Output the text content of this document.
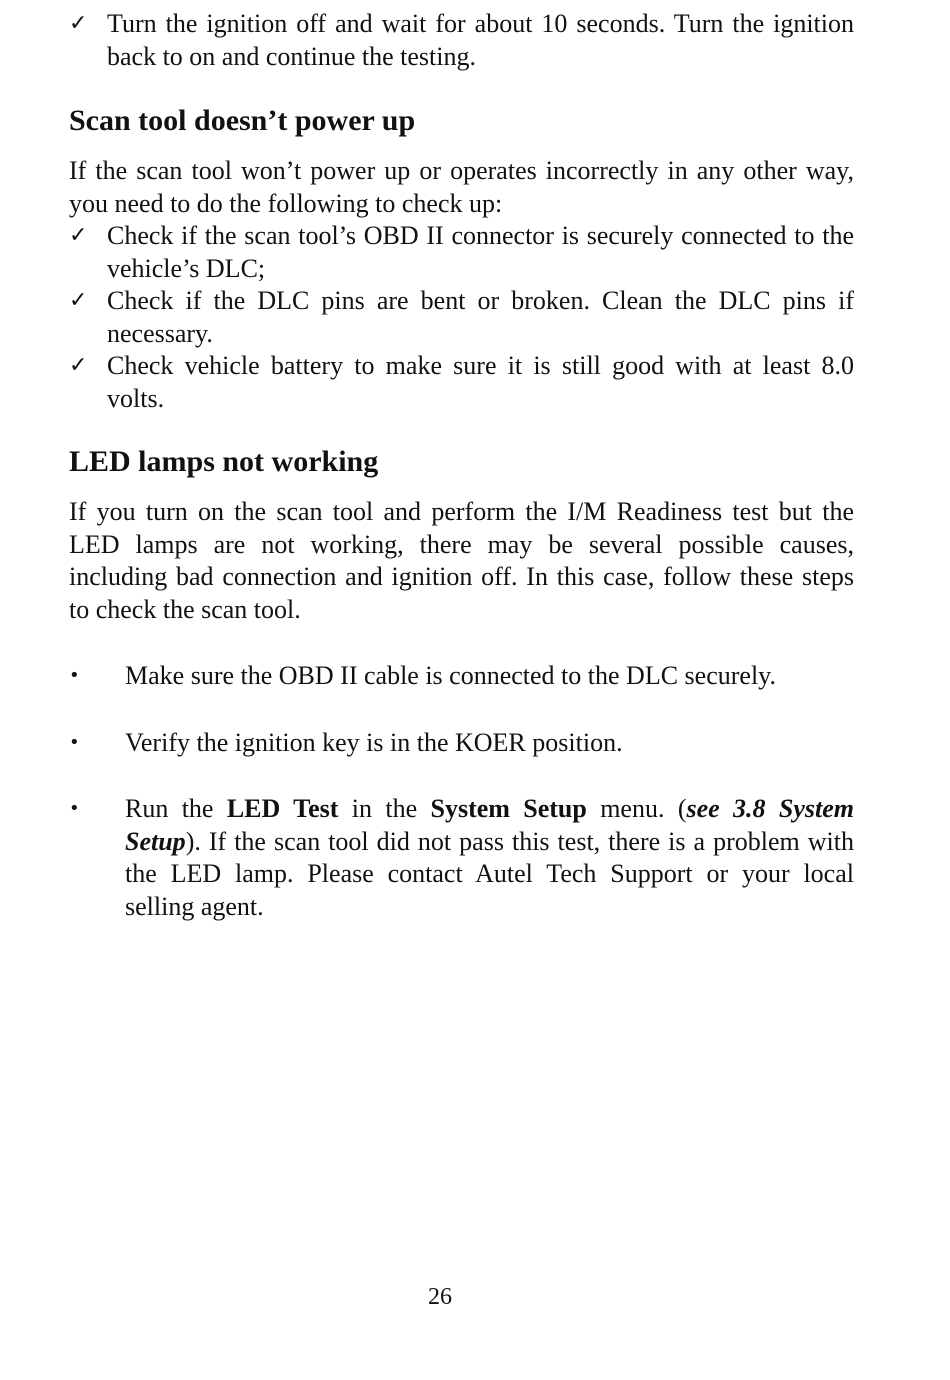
✓ Turn the ignition off and wait for about 10 seconds. Turn the ignition back to on and continue the testing.
Scan tool doesn’t power up

If the scan tool won’t power up or operates incorrectly in any other way, you need to do the following to check up:

✓ Check if the scan tool’s OBD II connector is securely connected to the vehicle’s DLC;
✓ Check if the DLC pins are bent or broken. Clean the DLC pins if necessary.
✓ Check vehicle battery to make sure it is still good with at least 8.0 volts.
LED lamps not working

If you turn on the scan tool and perform the I/M Readiness test but the LED lamps are not working, there may be several possible causes, including bad connection and ignition off. In this case, follow these steps to check the scan tool.

•	Make sure the OBD II cable is connected to the DLC securely.
•	Verify the ignition key is in the KOER position.
•	Run the LED Test in the System Setup menu. (see 3.8 System Setup). If the scan tool did not pass this test, there is a problem with the LED lamp. Please contact Autel Tech Support or your local selling agent.
26
